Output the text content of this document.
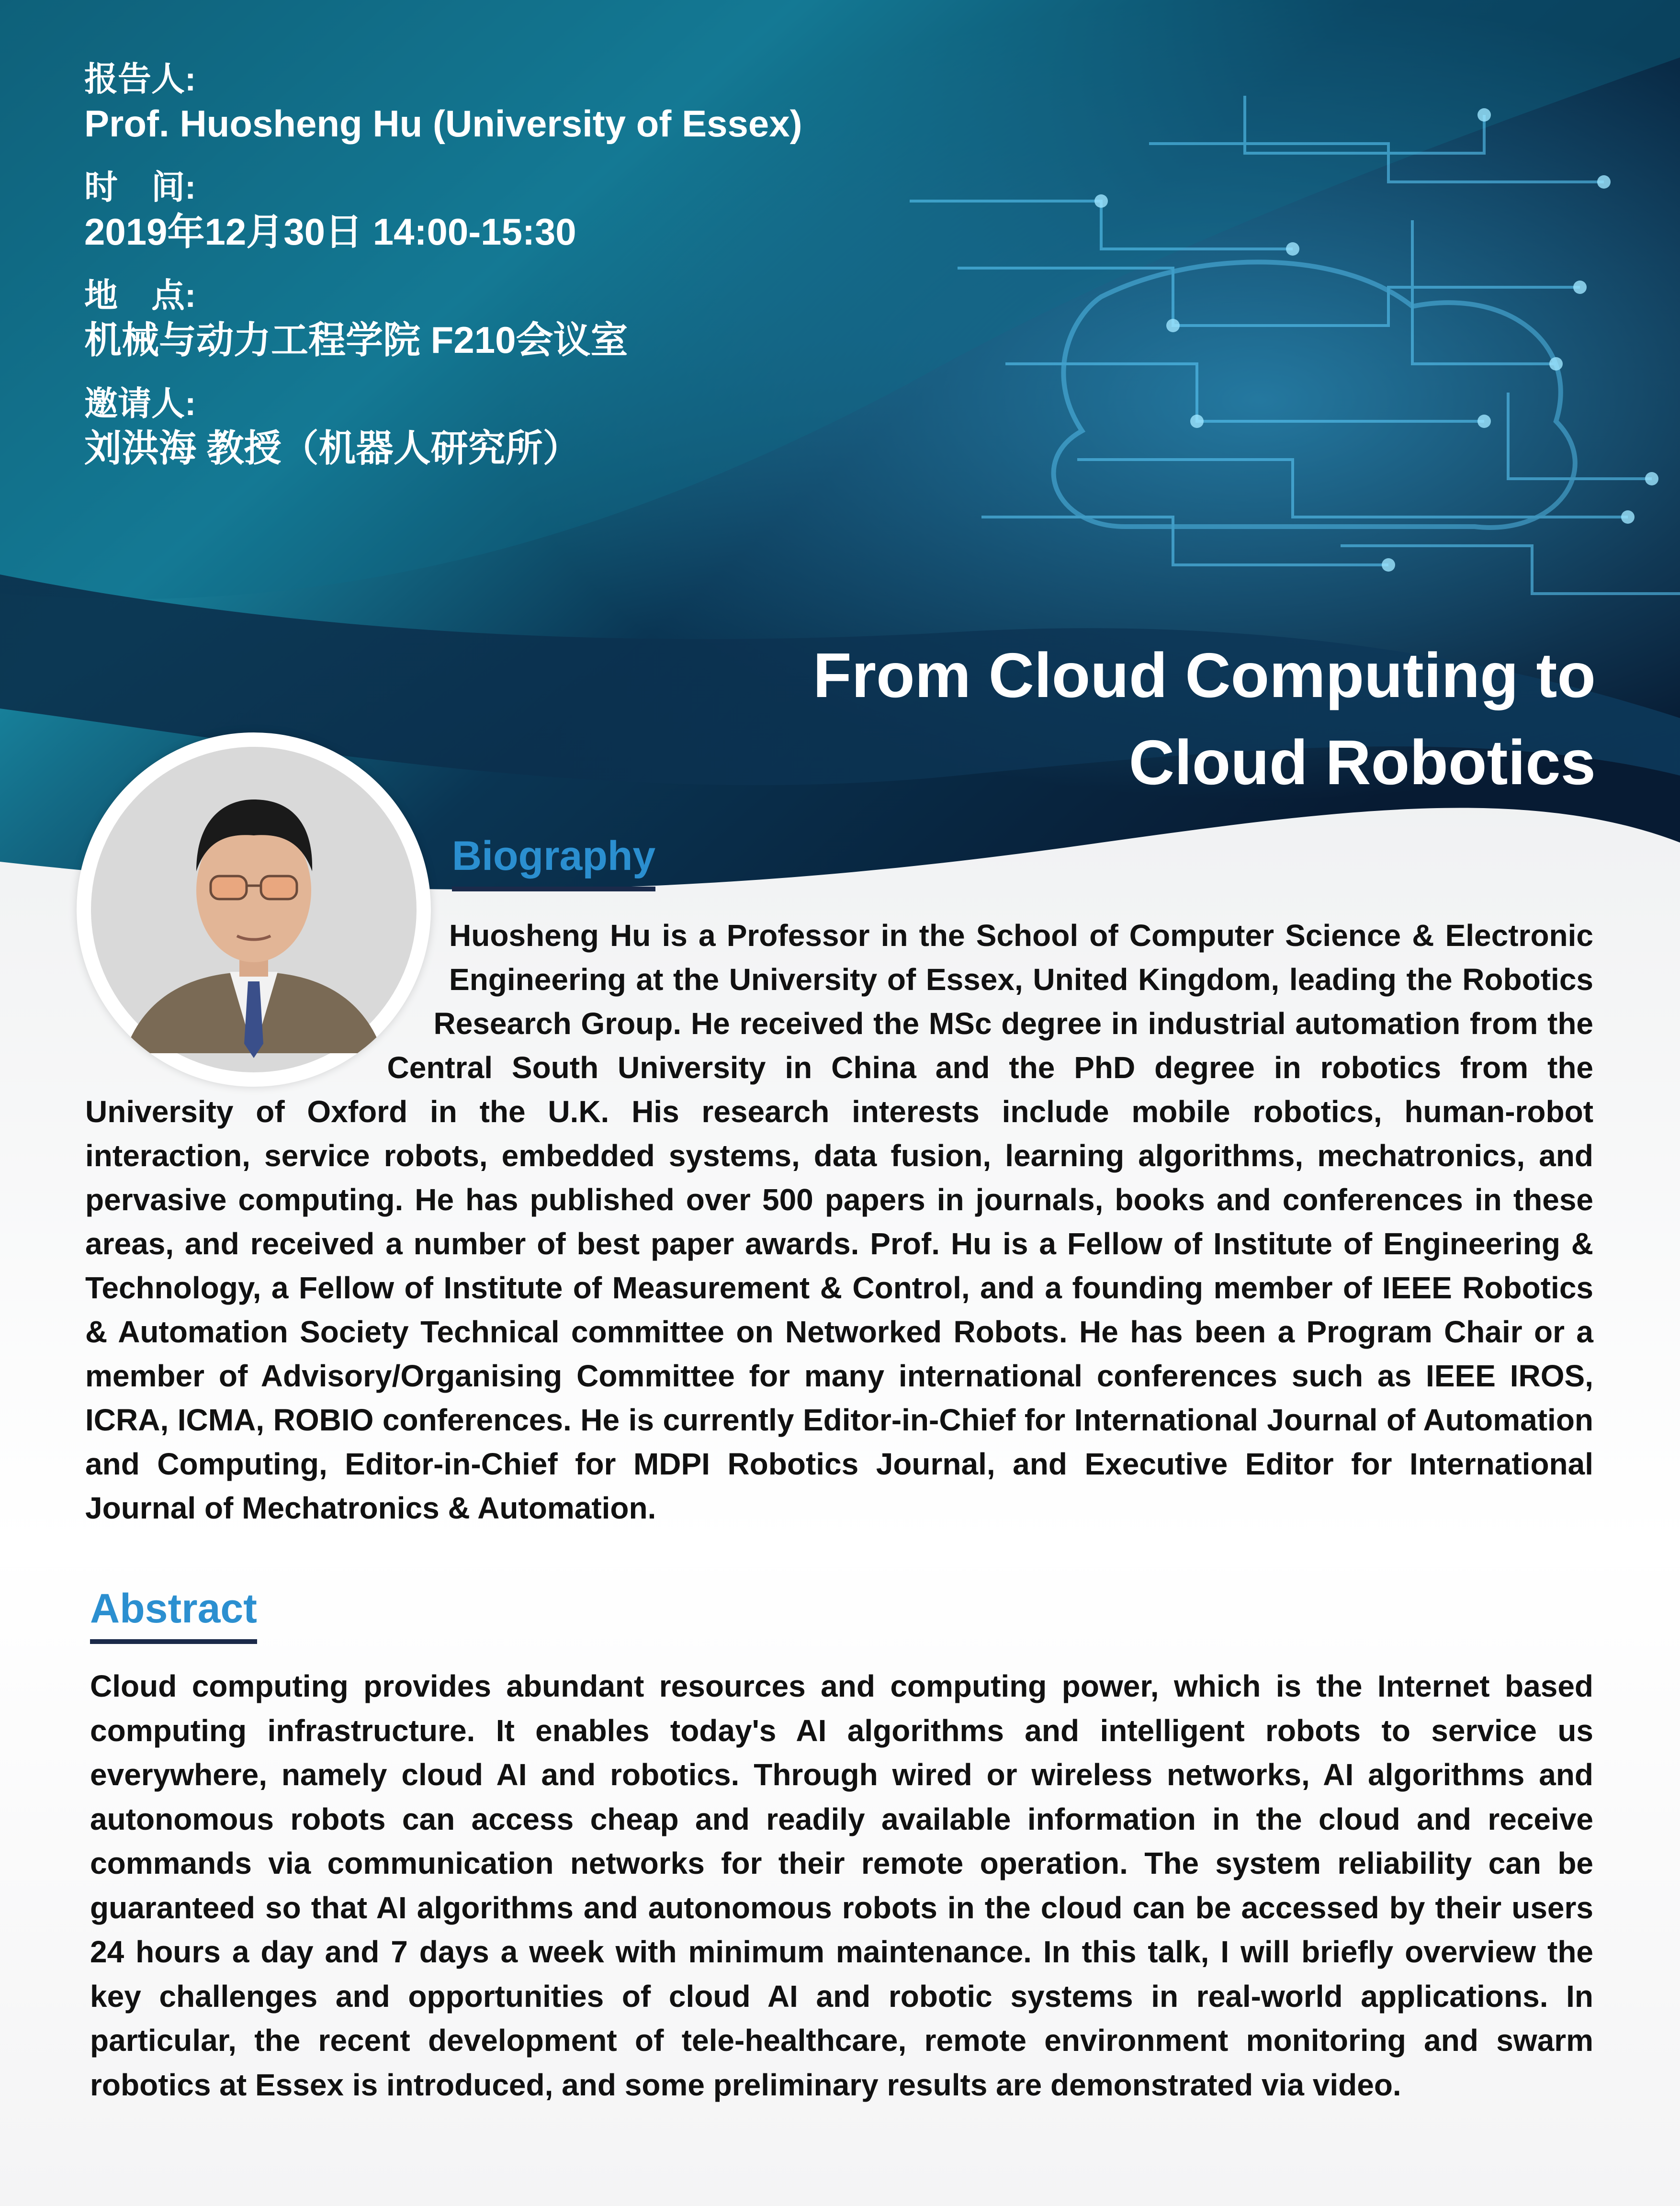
报告人:

Prof. Huosheng Hu (University of Essex)

时　间:

2019年12月30日 14:00-15:30

地　点:

机械与动力工程学院 F210会议室

邀请人:

刘洪海 教授（机器人研究所）

From Cloud Computing to
Cloud Robotics
Biography
Huosheng Hu is a Professor in the School of Computer Science & Electronic Engineering at the University of Essex, United Kingdom, leading the Robotics Research Group. He received the MSc degree in industrial automation from the Central South University in China and the PhD degree in robotics from the University of Oxford in the U.K. His research interests include mobile robotics, human-robot interaction, service robots, embedded systems, data fusion, learning algorithms, mechatronics, and pervasive computing. He has published over 500 papers in journals, books and conferences in these areas, and received a number of best paper awards. Prof. Hu is a Fellow of Institute of Engineering & Technology, a Fellow of Institute of Measurement & Control, and a founding member of IEEE Robotics & Automation Society Technical committee on Networked Robots. He has been a Program Chair or a member of Advisory/Organising Committee for many international conferences such as IEEE IROS, ICRA, ICMA, ROBIO conferences. He is currently Editor-in-Chief for International Journal of Automation and Computing, Editor-in-Chief for MDPI Robotics Journal, and Executive Editor for International Journal of Mechatronics & Automation.
Abstract
Cloud computing provides abundant resources and computing power, which is the Internet based computing infrastructure. It enables today's AI algorithms and intelligent robots to service us everywhere, namely cloud AI and robotics. Through wired or wireless networks, AI algorithms and autonomous robots can access cheap and readily available information in the cloud and receive commands via communication networks for their remote operation. The system reliability can be guaranteed so that AI algorithms and autonomous robots in the cloud can be accessed by their users 24 hours a day and 7 days a week with minimum maintenance. In this talk, I will briefly overview the key challenges and opportunities of cloud AI and robotic systems in real-world applications. In particular, the recent development of tele-healthcare, remote environment monitoring and swarm robotics at Essex is introduced, and some preliminary results are demonstrated via video.
